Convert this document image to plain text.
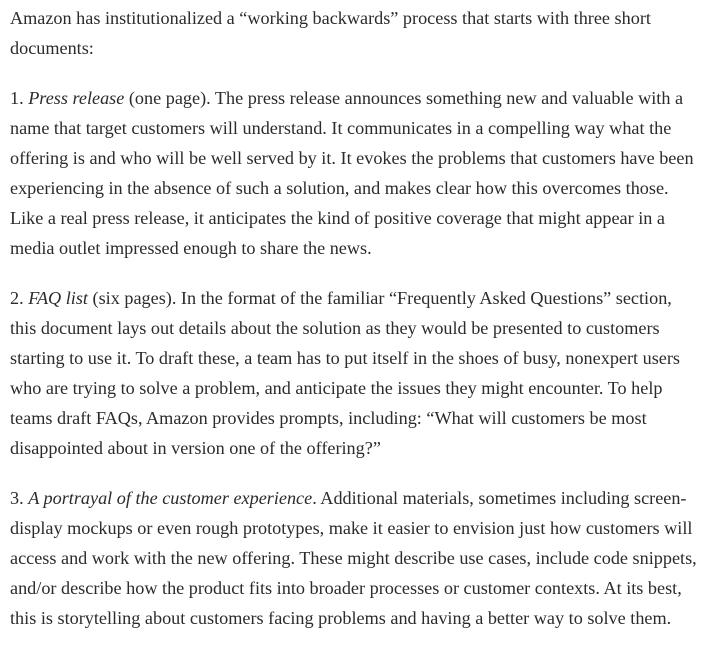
Amazon has institutionalized a “working backwards” process that starts with three short documents:

1. Press release (one page). The press release announces something new and valuable with a name that target customers will understand. It communicates in a compelling way what the offering is and who will be well served by it. It evokes the problems that customers have been experiencing in the absence of such a solution, and makes clear how this overcomes those. Like a real press release, it anticipates the kind of positive coverage that might appear in a media outlet impressed enough to share the news.

2. FAQ list (six pages). In the format of the familiar “Frequently Asked Questions” section, this document lays out details about the solution as they would be presented to customers starting to use it. To draft these, a team has to put itself in the shoes of busy, nonexpert users who are trying to solve a problem, and anticipate the issues they might encounter. To help teams draft FAQs, Amazon provides prompts, including: “What will customers be most disappointed about in version one of the offering?”

3. A portrayal of the customer experience. Additional materials, sometimes including screen-display mockups or even rough prototypes, make it easier to envision just how customers will access and work with the new offering. These might describe use cases, include code snippets, and/or describe how the product fits into broader processes or customer contexts. At its best, this is storytelling about customers facing problems and having a better way to solve them.
